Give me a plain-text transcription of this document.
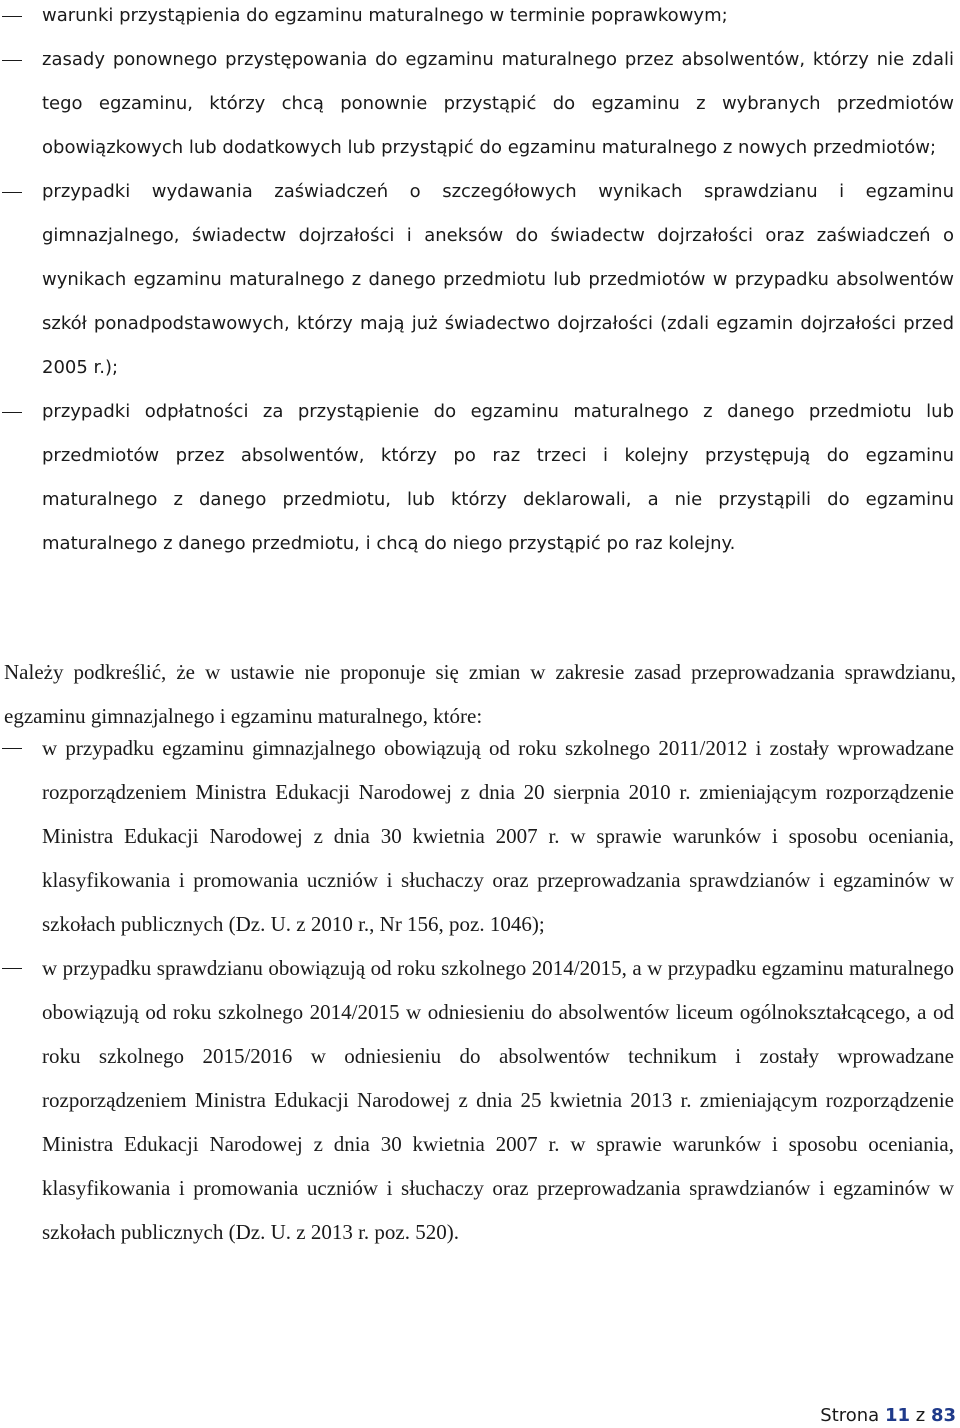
warunki przystąpienia do egzaminu maturalnego w terminie poprawkowym;
zasady ponownego przystępowania do egzaminu maturalnego przez absolwentów, którzy nie zdali tego egzaminu, którzy chcą ponownie przystąpić do egzaminu z wybranych przedmiotów obowiązkowych lub dodatkowych lub przystąpić do egzaminu maturalnego z nowych przedmiotów;
przypadki wydawania zaświadczeń o szczegółowych wynikach sprawdzianu i egzaminu gimnazjalnego, świadectw dojrzałości i aneksów do świadectw dojrzałości oraz zaświadczeń o wynikach egzaminu maturalnego z danego przedmiotu lub przedmiotów w przypadku absolwentów szkół ponadpodstawowych, którzy mają już świadectwo dojrzałości (zdali egzamin dojrzałości przed 2005 r.);
przypadki odpłatności za przystąpienie do egzaminu maturalnego z danego przedmiotu lub przedmiotów przez absolwentów, którzy po raz trzeci i kolejny przystępują do egzaminu maturalnego z danego przedmiotu, lub którzy deklarowali, a nie przystąpili do egzaminu maturalnego z danego przedmiotu, i chcą do niego przystąpić po raz kolejny.

Należy podkreślić, że w ustawie nie proponuje się zmian w zakresie zasad przeprowadzania sprawdzianu, egzaminu gimnazjalnego i egzaminu maturalnego, które:

w przypadku egzaminu gimnazjalnego obowiązują od roku szkolnego 2011/2012 i zostały wprowadzane rozporządzeniem Ministra Edukacji Narodowej z dnia 20 sierpnia 2010 r. zmieniającym rozporządzenie Ministra Edukacji Narodowej z dnia 30 kwietnia 2007 r. w sprawie warunków i sposobu oceniania, klasyfikowania i promowania uczniów i słuchaczy oraz przeprowadzania sprawdzianów i egzaminów w szkołach publicznych (Dz. U. z 2010 r., Nr 156, poz. 1046);
w przypadku sprawdzianu obowiązują od roku szkolnego 2014/2015, a w przypadku egzaminu maturalnego obowiązują od roku szkolnego 2014/2015 w odniesieniu do absolwentów liceum ogólnokształcącego, a od roku szkolnego 2015/2016 w odniesieniu do absolwentów technikum i zostały wprowadzane rozporządzeniem Ministra Edukacji Narodowej z dnia 25 kwietnia 2013 r. zmieniającym rozporządzenie Ministra Edukacji Narodowej z dnia 30 kwietnia 2007 r. w sprawie warunków i sposobu oceniania, klasyfikowania i promowania uczniów i słuchaczy oraz przeprowadzania sprawdzianów i egzaminów w szkołach publicznych (Dz. U. z 2013 r. poz. 520).
Strona 11 z 83
